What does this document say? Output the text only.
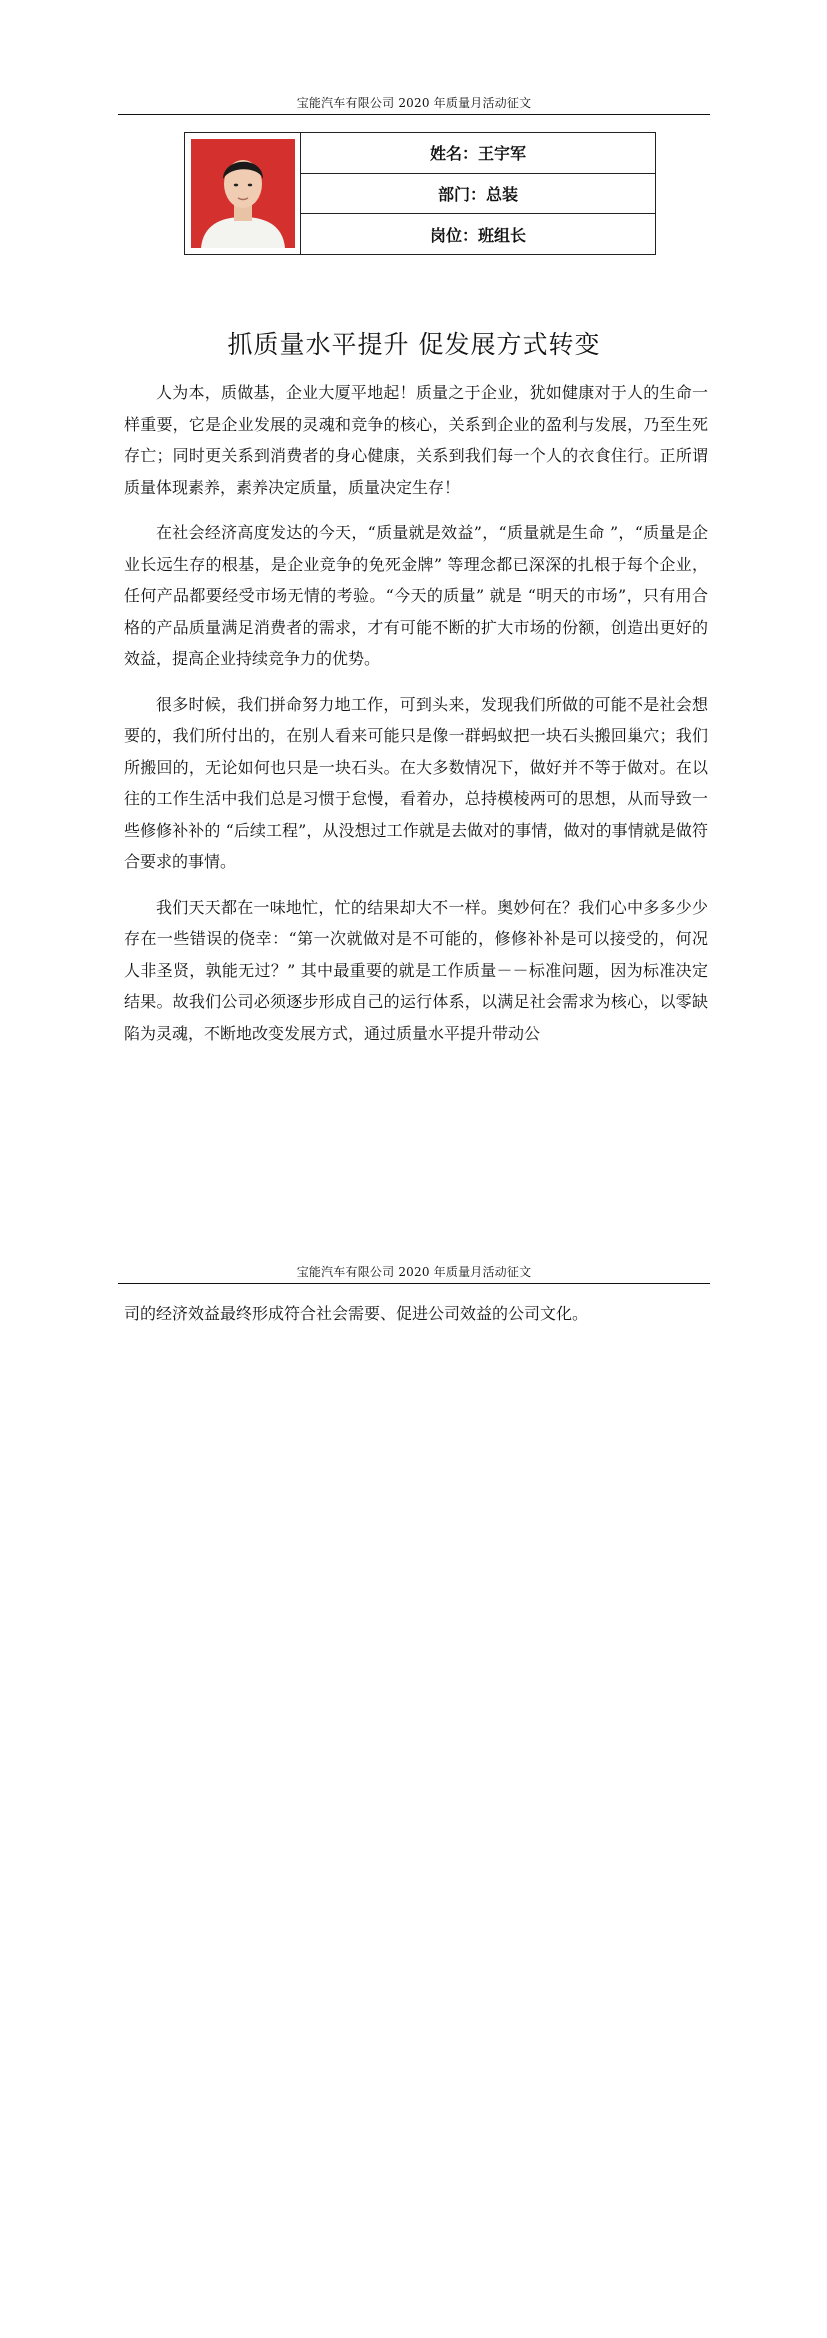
宝能汽车有限公司 2020 年质量月活动征文
姓名：王宇军
部门：总装
岗位：班组长
抓质量水平提升 促发展方式转变

人为本，质做基，企业大厦平地起！质量之于企业，犹如健康对于人的生命一样重要，它是企业发展的灵魂和竞争的核心，关系到企业的盈利与发展，乃至生死存亡；同时更关系到消费者的身心健康，关系到我们每一个人的衣食住行。正所谓质量体现素养，素养决定质量，质量决定生存！

在社会经济高度发达的今天，“质量就是效益”，“质量就是生命 ”，“质量是企业长远生存的根基，是企业竞争的免死金牌” 等理念都已深深的扎根于每个企业，任何产品都要经受市场无情的考验。“今天的质量” 就是 “明天的市场”，只有用合格的产品质量满足消费者的需求，才有可能不断的扩大市场的份额，创造出更好的效益，提高企业持续竞争力的优势。

很多时候，我们拼命努力地工作，可到头来，发现我们所做的可能不是社会想要的，我们所付出的，在别人看来可能只是像一群蚂蚁把一块石头搬回巢穴；我们所搬回的，无论如何也只是一块石头。在大多数情况下，做好并不等于做对。在以往的工作生活中我们总是习惯于怠慢，看着办，总持模棱两可的思想，从而导致一些修修补补的 “后续工程”，从没想过工作就是去做对的事情，做对的事情就是做符合要求的事情。

我们天天都在一味地忙，忙的结果却大不一样。奥妙何在？我们心中多多少少存在一些错误的侥幸：“第一次就做对是不可能的，修修补补是可以接受的，何况人非圣贤，孰能无过？” 其中最重要的就是工作质量－－标准问题，因为标准决定结果。故我们公司必须逐步形成自己的运行体系，以满足社会需求为核心，以零缺陷为灵魂，不断地改变发展方式，通过质量水平提升带动公

宝能汽车有限公司 2020 年质量月活动征文

司的经济效益最终形成符合社会需要、促进公司效益的公司文化。
